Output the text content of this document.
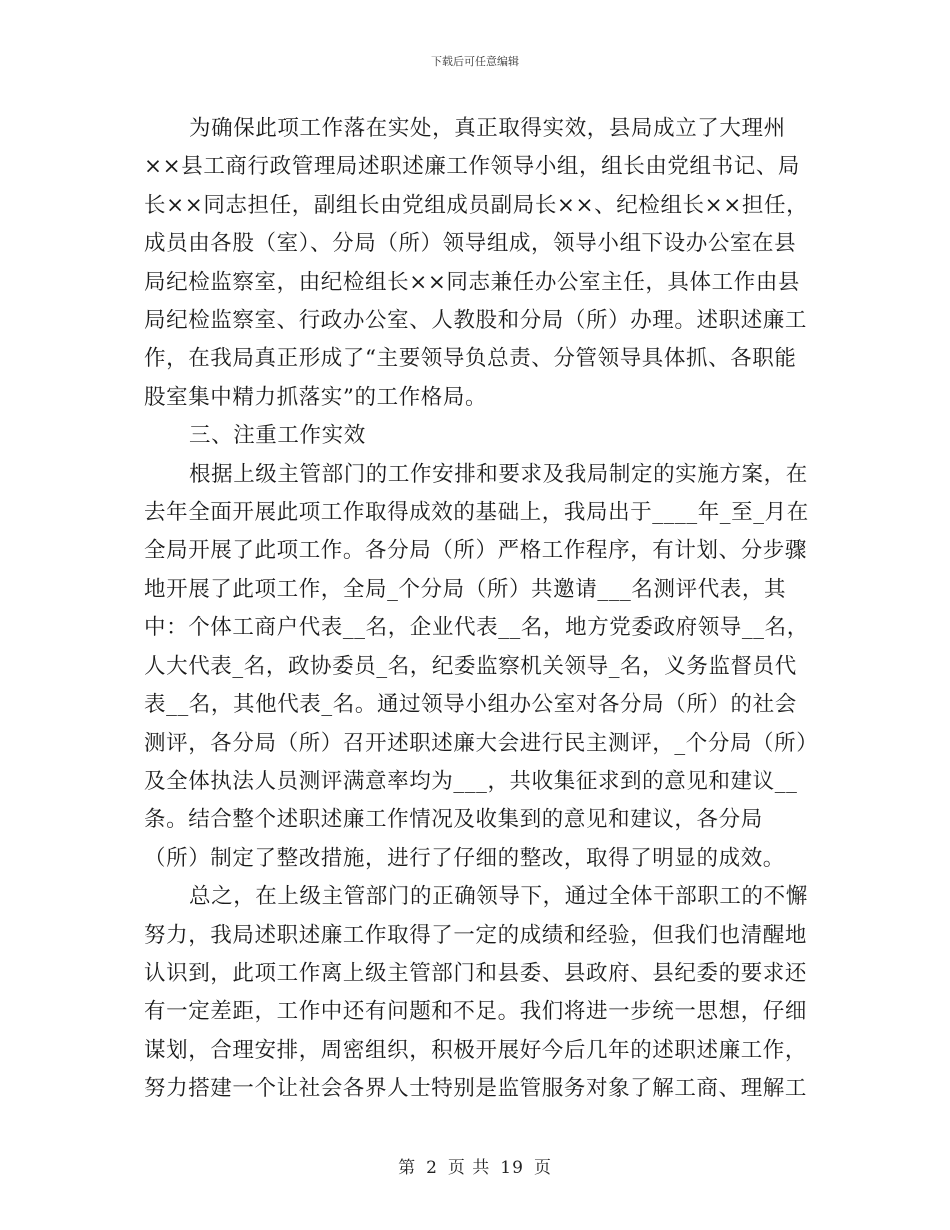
下载后可任意编辑

为确保此项工作落在实处，真正取得实效，县局成立了大理州××县工商行政管理局述职述廉工作领导小组，组长由党组书记、局长××同志担任，副组长由党组成员副局长××、纪检组长××担任，成员由各股（室）、分局（所）领导组成，领导小组下设办公室在县局纪检监察室，由纪检组长××同志兼任办公室主任，具体工作由县局纪检监察室、行政办公室、人教股和分局（所）办理。述职述廉工作，在我局真正形成了“主要领导负总责、分管领导具体抓、各职能股室集中精力抓落实”的工作格局。

三、注重工作实效

根据上级主管部门的工作安排和要求及我局制定的实施方案，在去年全面开展此项工作取得成效的基础上，我局出于____年_至_月在全局开展了此项工作。各分局（所）严格工作程序，有计划、分步骤地开展了此项工作，全局_个分局（所）共邀请___名测评代表，其中：个体工商户代表__名，企业代表__名，地方党委政府领导__名，人大代表_名，政协委员_名，纪委监察机关领导_名，义务监督员代表__名，其他代表_名。通过领导小组办公室对各分局（所）的社会测评，各分局（所）召开述职述廉大会进行民主测评，_个分局（所）及全体执法人员测评满意率均为___，共收集征求到的意见和建议__条。结合整个述职述廉工作情况及收集到的意见和建议，各分局（所）制定了整改措施，进行了仔细的整改，取得了明显的成效。

总之，在上级主管部门的正确领导下，通过全体干部职工的不懈努力，我局述职述廉工作取得了一定的成绩和经验，但我们也清醒地认识到，此项工作离上级主管部门和县委、县政府、县纪委的要求还有一定差距，工作中还有问题和不足。我们将进一步统一思想，仔细谋划，合理安排，周密组织，积极开展好今后几年的述职述廉工作，努力搭建一个让社会各界人士特别是监管服务对象了解工商、理解工

第 2 页 共 19 页
